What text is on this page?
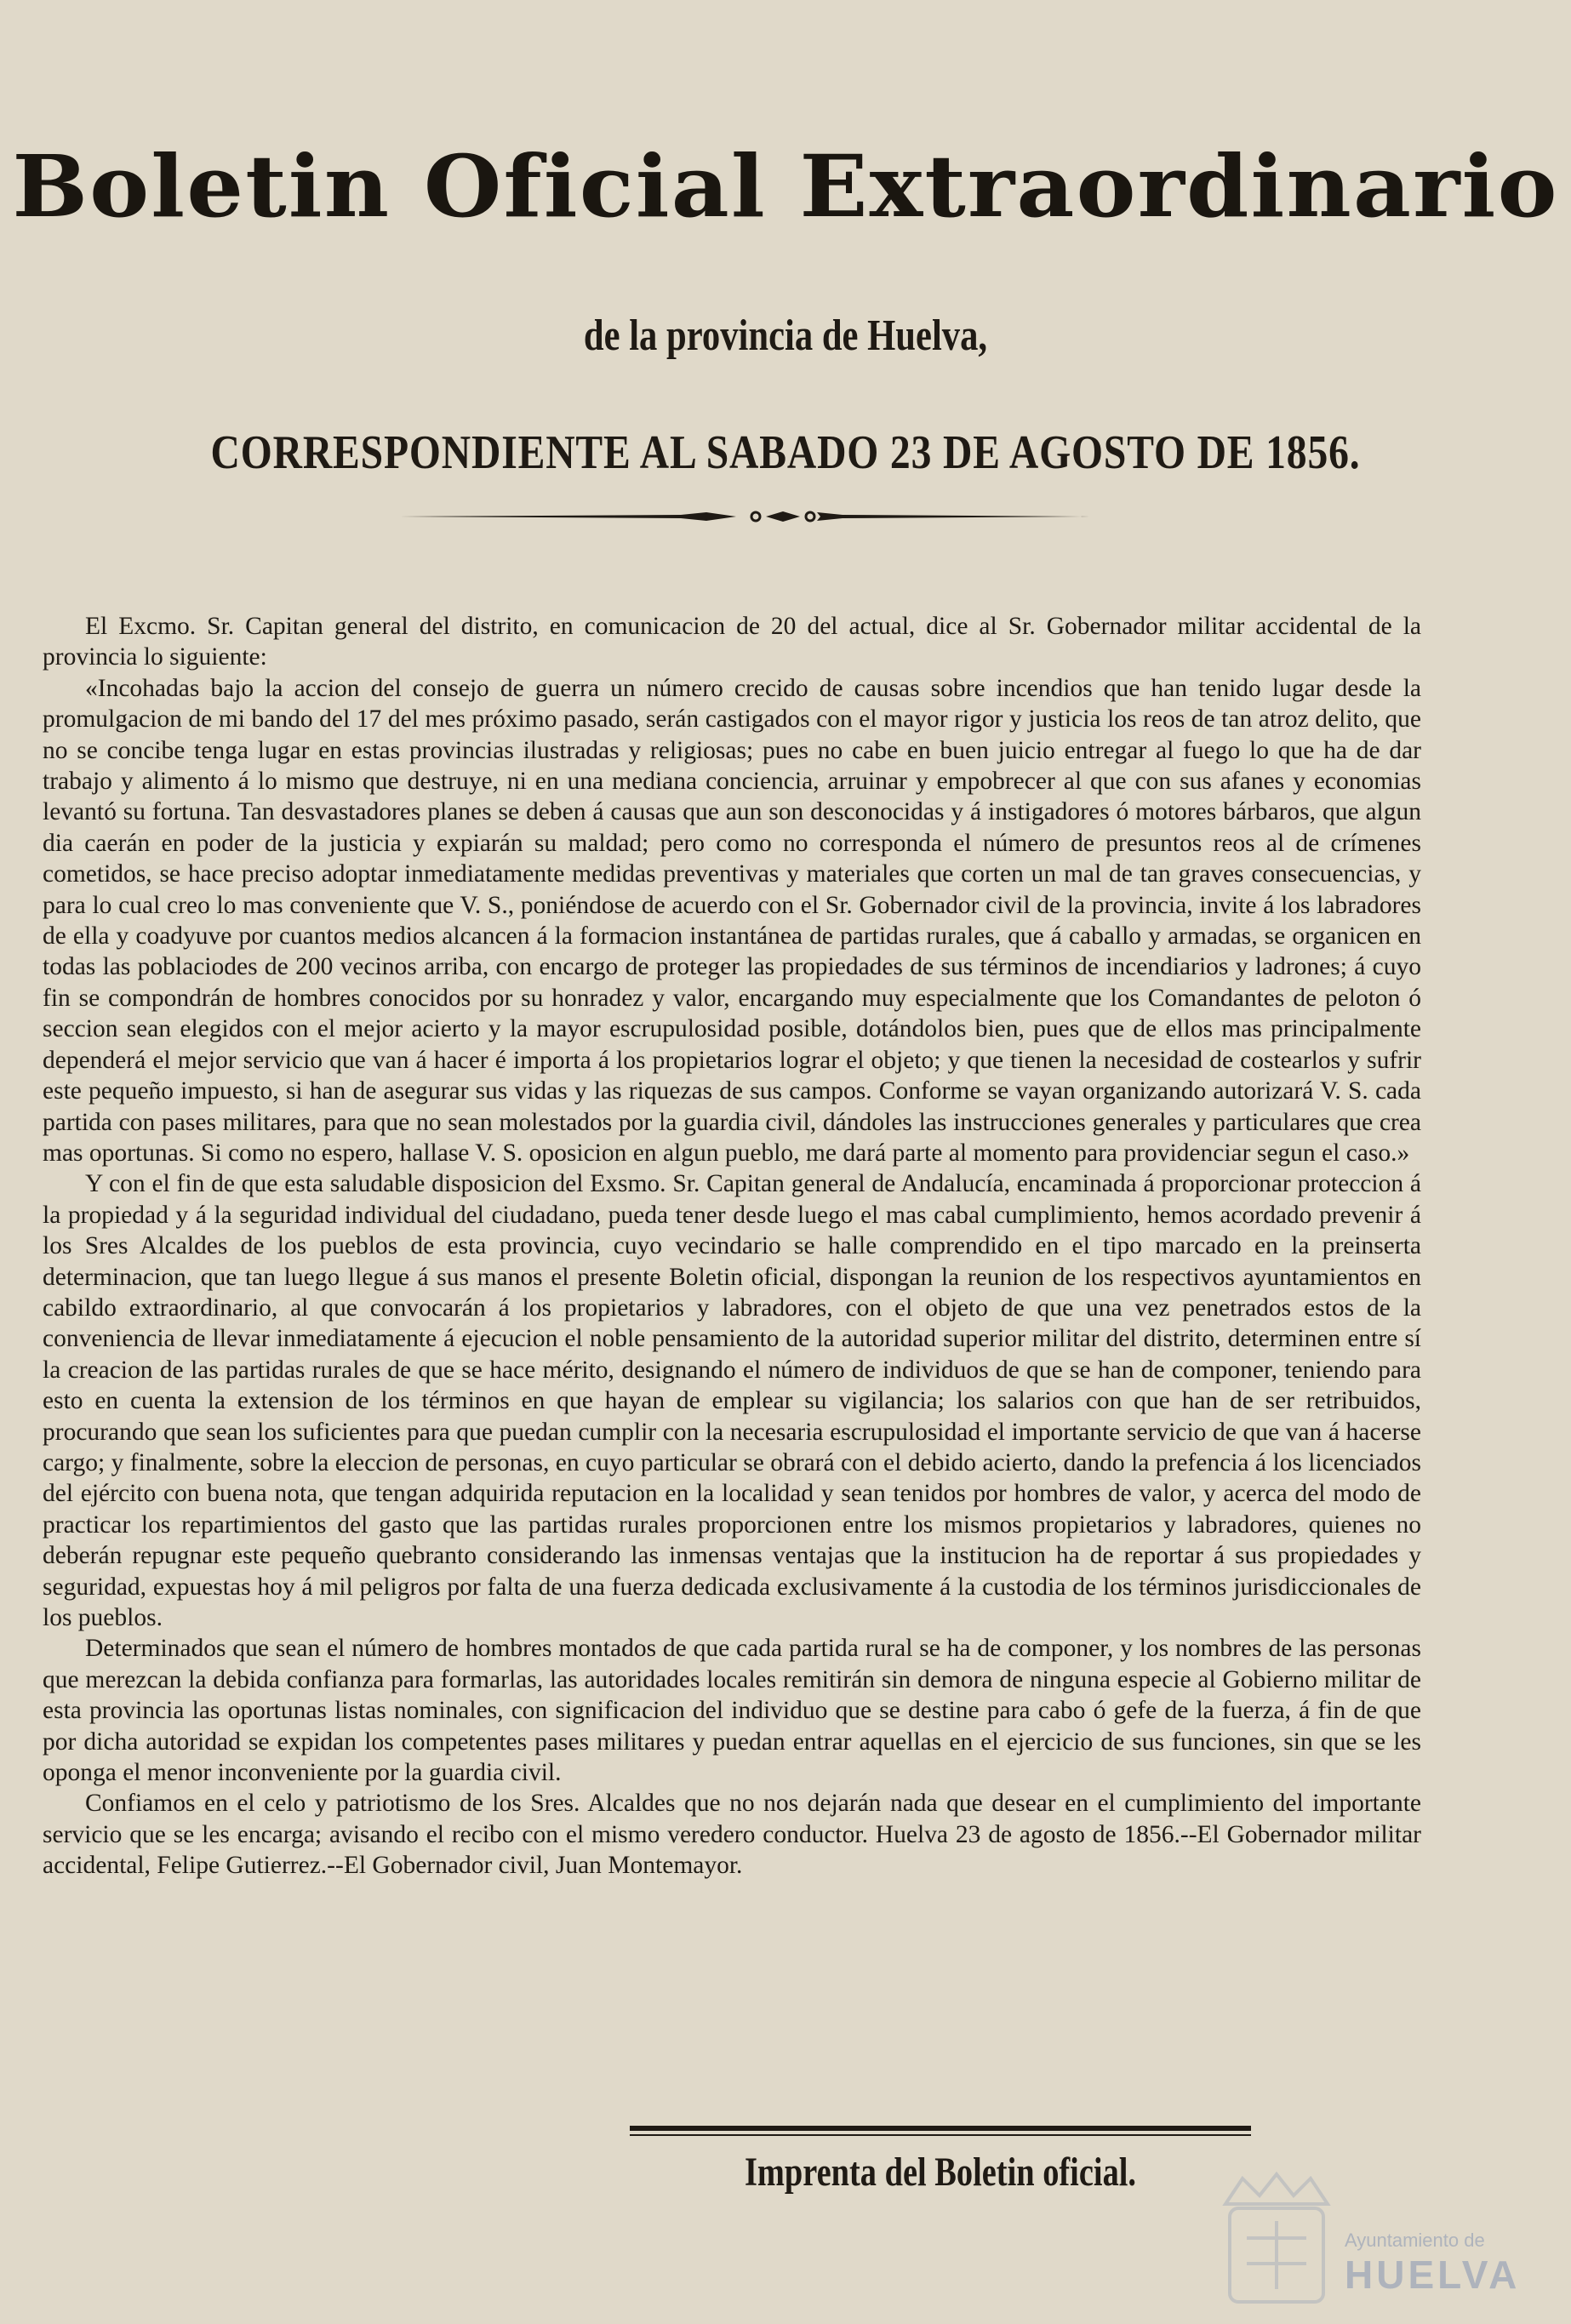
Boletin Oficial Extraordinario
de la provincia de Huelva,
CORRESPONDIENTE AL SABADO 23 DE AGOSTO DE 1856.

El Excmo. Sr. Capitan general del distrito, en comunicacion de 20 del actual, dice al Sr. Gobernador militar accidental de la provincia lo siguiente:

«Incohadas bajo la accion del consejo de guerra un número crecido de causas sobre incendios que han tenido lugar desde la promulgacion de mi bando del 17 del mes próximo pasado, serán castigados con el mayor rigor y justicia los reos de tan atroz delito, que no se concibe tenga lugar en estas provincias ilustradas y religiosas; pues no cabe en buen juicio entregar al fuego lo que ha de dar trabajo y alimento á lo mismo que destruye, ni en una mediana conciencia, arruinar y empobrecer al que con sus afanes y economias levantó su fortuna. Tan desvastadores planes se deben á causas que aun son desconocidas y á instigadores ó motores bárbaros, que algun dia caerán en poder de la justicia y expiarán su maldad; pero como no corresponda el número de presuntos reos al de crímenes cometidos, se hace preciso adoptar inmediatamente medidas preventivas y materiales que corten un mal de tan graves consecuencias, y para lo cual creo lo mas conveniente que V. S., poniéndose de acuerdo con el Sr. Gobernador civil de la provincia, invite á los labradores de ella y coadyuve por cuantos medios alcancen á la formacion instantánea de partidas rurales, que á caballo y armadas, se organicen en todas las poblaciodes de 200 vecinos arriba, con encargo de proteger las propiedades de sus términos de incendiarios y ladrones; á cuyo fin se compondrán de hombres conocidos por su honradez y valor, encargando muy especialmente que los Comandantes de peloton ó seccion sean elegidos con el mejor acierto y la mayor escrupulosidad posible, dotándolos bien, pues que de ellos mas principalmente dependerá el mejor servicio que van á hacer é importa á los propietarios lograr el objeto; y que tienen la necesidad de costearlos y sufrir este pequeño impuesto, si han de asegurar sus vidas y las riquezas de sus campos. Conforme se vayan organizando autorizará V. S. cada partida con pases militares, para que no sean molestados por la guardia civil, dándoles las instrucciones generales y particulares que crea mas oportunas. Si como no espero, hallase V. S. oposicion en algun pueblo, me dará parte al momento para providenciar segun el caso.»

Y con el fin de que esta saludable disposicion del Exsmo. Sr. Capitan general de Andalucía, encaminada á proporcionar proteccion á la propiedad y á la seguridad individual del ciudadano, pueda tener desde luego el mas cabal cumplimiento, hemos acordado prevenir á los Sres Alcaldes de los pueblos de esta provincia, cuyo vecindario se halle comprendido en el tipo marcado en la preinserta determinacion, que tan luego llegue á sus manos el presente Boletin oficial, dispongan la reunion de los respectivos ayuntamientos en cabildo extraordinario, al que convocarán á los propietarios y labradores, con el objeto de que una vez penetrados estos de la conveniencia de llevar inmediatamente á ejecucion el noble pensamiento de la autoridad superior militar del distrito, determinen entre sí la creacion de las partidas rurales de que se hace mérito, designando el número de individuos de que se han de componer, teniendo para esto en cuenta la extension de los términos en que hayan de emplear su vigilancia; los salarios con que han de ser retribuidos, procurando que sean los suficientes para que puedan cumplir con la necesaria escrupulosidad el importante servicio de que van á hacerse cargo; y finalmente, sobre la eleccion de personas, en cuyo particular se obrará con el debido acierto, dando la prefencia á los licenciados del ejército con buena nota, que tengan adquirida reputacion en la localidad y sean tenidos por hombres de valor, y acerca del modo de practicar los repartimientos del gasto que las partidas rurales proporcionen entre los mismos propietarios y labradores, quienes no deberán repugnar este pequeño quebranto considerando las inmensas ventajas que la institucion ha de reportar á sus propiedades y seguridad, expuestas hoy á mil peligros por falta de una fuerza dedicada exclusivamente á la custodia de los términos jurisdiccionales de los pueblos.

Determinados que sean el número de hombres montados de que cada partida rural se ha de componer, y los nombres de las personas que merezcan la debida confianza para formarlas, las autoridades locales remitirán sin demora de ninguna especie al Gobierno militar de esta provincia las oportunas listas nominales, con significacion del individuo que se destine para cabo ó gefe de la fuerza, á fin de que por dicha autoridad se expidan los competentes pases militares y puedan entrar aquellas en el ejercicio de sus funciones, sin que se les oponga el menor inconveniente por la guardia civil.

Confiamos en el celo y patriotismo de los Sres. Alcaldes que no nos dejarán nada que desear en el cumplimiento del importante servicio que se les encarga; avisando el recibo con el mismo veredero conductor. Huelva 23 de agosto de 1856.--El Gobernador militar accidental, Felipe Gutierrez.--El Gobernador civil, Juan Montemayor.

Imprenta del Boletin oficial.
Ayuntamiento de
HUELVA
